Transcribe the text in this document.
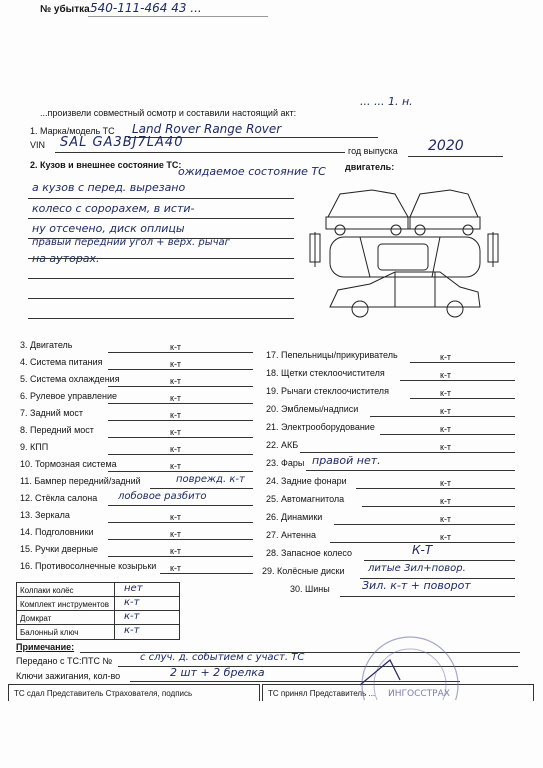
№ убытка 540-111-464 43 ...
... ... 1. н.
...произвели совместный осмотр и составили настоящий акт:
1. Марка/модель ТС Land Rover Range Rover
VIN SAL GA3BJ7LA40
год выпуска 2020
2. Кузов и внешнее состояние ТС:	двигатель:
ожидаемое состояние ТС
а кузов с перед. вырезано
колесо с сорорахем, в исти-
ну отсечено, диск оплицы
правый передний угол + верх. рычаг
на ауторах.
3. Двигатель	к-т
4. Система питания	к-т
5. Система охлаждения	к-т
6. Рулевое управление	к-т
7. Задний мост	к-т
8. Передний мост	к-т
9. КПП	к-т
10. Тормозная система	к-т
11. Бампер передний/задний	поврежд. к-т
12. Стёкла салона лобовое разбито
13. Зеркала	к-т
14. Подголовники	к-т
15. Ручки дверные	к-т
16. Противосолнечные козырьки к-т
17. Пепельницы/прикуриватель	к-т
18. Щетки стеклоочистителя	к-т
19. Рычаги стеклоочистителя	к-т
20. Эмблемы/надписи	к-т
21. Электрооборудование	к-т
22. АКБ	к-т
23. Фары правой нет.
24. Задние фонари	к-т
25. Автомагнитола	к-т
26. Динамики	к-т
27. Антенна	к-т
28. Запасное колесо	К-Т
29. Колёсные диски литые Зил+повор.
30. Шины	Зил. к-т + поворот
Колпаки колёс	нет
Комплект инструментов к-т
Домкрат	к-т
Балонный ключ	к-т
Примечание:
Передано с ТС:ПТС №	с случ. д. событием с участ. ТС
Ключи зажигания, кол-во	2 шт + 2 брелка
ТС сдал Представитель Страхователя, подпись	ТС принял Представитель ... ИНГОССТРАХ
